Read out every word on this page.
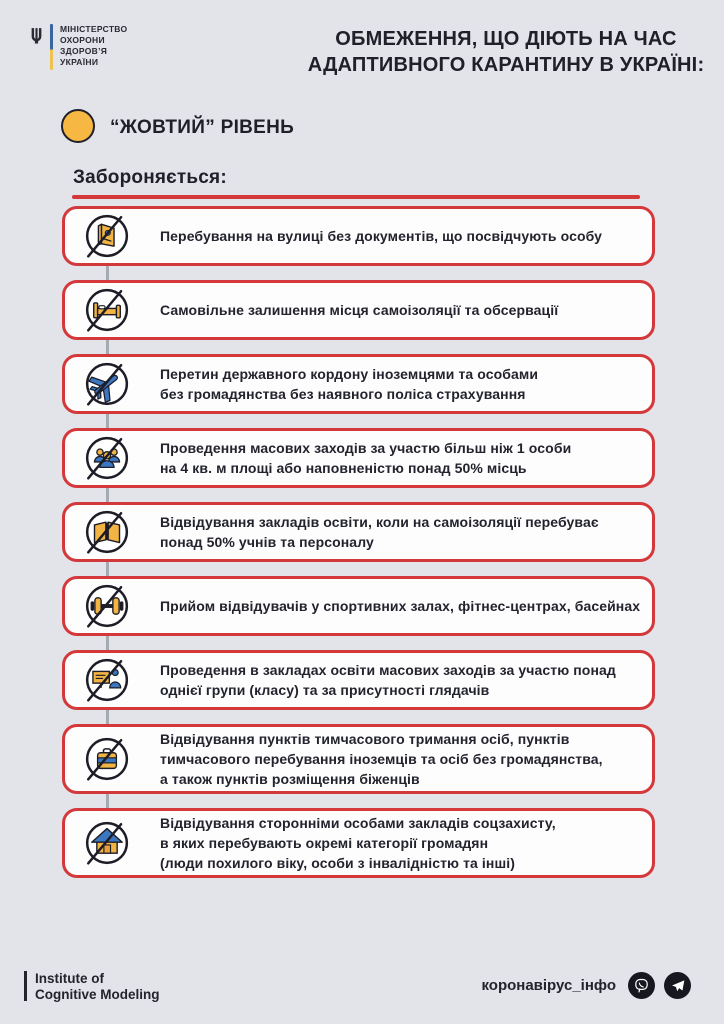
МІНІСТЕРСТВО
ОХОРОНИ
ЗДОРОВ’Я
УКРАЇНИ
ОБМЕЖЕННЯ, ЩО ДІЮТЬ НА ЧАС
АДАПТИВНОГО КАРАНТИНУ В УКРАЇНІ:
“ЖОВТИЙ” РІВЕНЬ
Забороняється:
Перебування на вулиці без документів, що посвідчують особу
Самовільне залишення місця самоізоляції та обсервації
Перетин державного кордону іноземцями та особами
без громадянства без наявного поліса страхування
Проведення масових заходів за участю більш ніж 1 особи
на 4 кв. м площі або наповненістю понад 50% місць
Відвідування закладів освіти, коли на самоізоляції перебуває
понад 50% учнів та персоналу
Прийом відвідувачів у спортивних залах, фітнес-центрах, басейнах
Проведення в закладах освіти масових заходів за участю понад
однієї групи (класу) та за присутності глядачів
Відвідування пунктів тимчасового тримання осіб, пунктів
тимчасового перебування іноземців та осіб без громадянства,
а також пунктів розміщення біженців
Відвідування сторонніми особами закладів соцзахисту,
в яких перебувають окремі категорії громадян
(люди похилого віку, особи з інвалідністю та інші)
Institute of
Cognitive Modeling	коронавірус_інфо
